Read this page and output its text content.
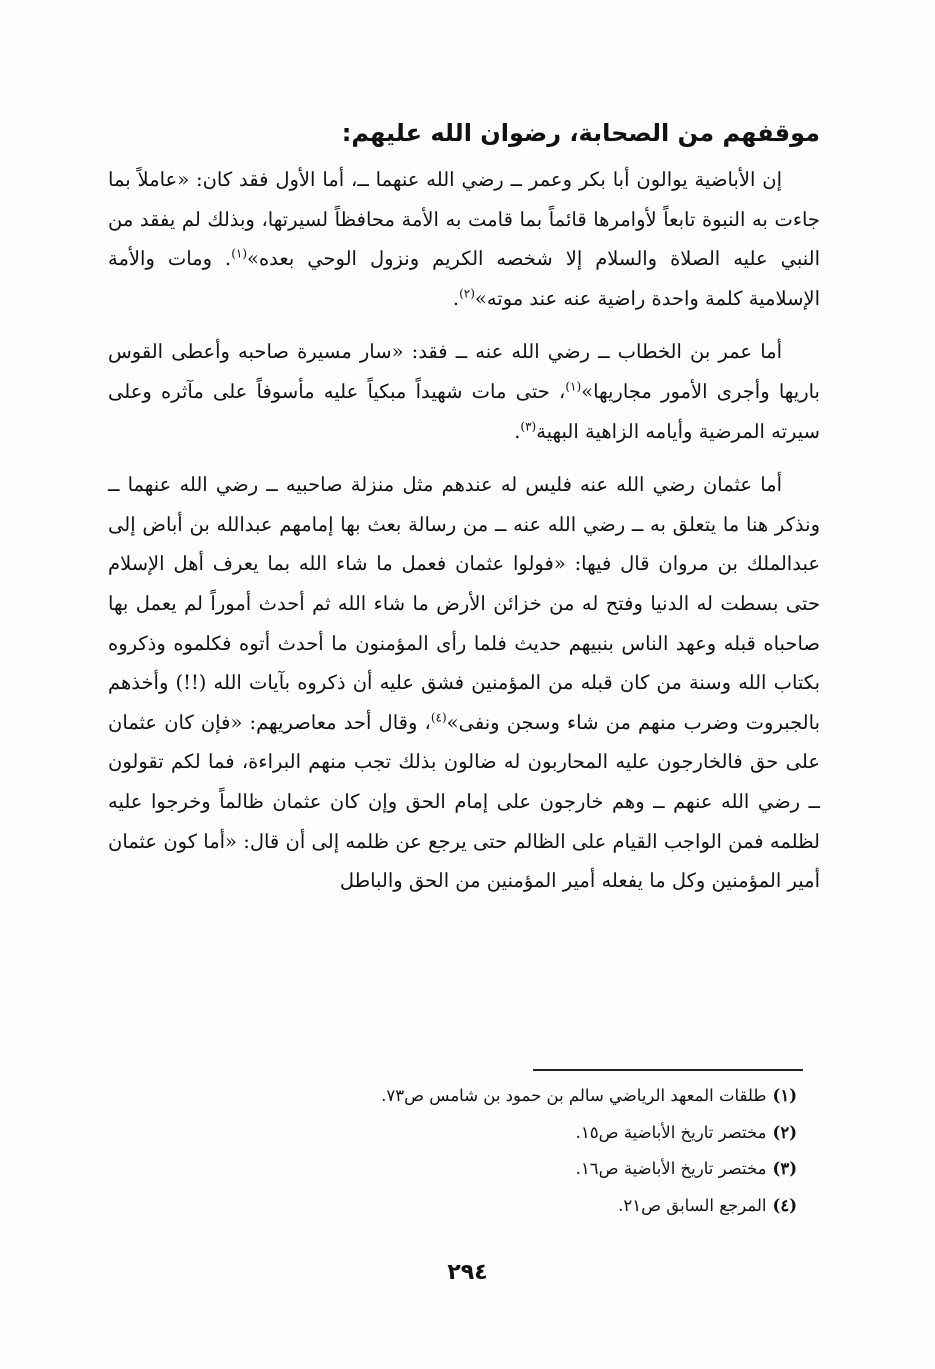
موقفهم من الصحابة، رضوان الله عليهم:

إن الأباضية يوالون أبا بكر وعمر ــ رضي الله عنهما ــ، أما الأول فقد كان: «عاملاً بما جاءت به النبوة تابعاً لأوامرها قائماً بما قامت به الأمة محافظاً لسيرتها، وبذلك لم يفقد من النبي عليه الصلاة والسلام إلا شخصه الكريم ونزول الوحي بعده»$^{(١)}$. ومات والأمة الإسلامية كلمة واحدة راضية عنه عند موته»$^{(٢)}$.

أما عمر بن الخطاب ــ رضي الله عنه ــ فقد: «سار مسيرة صاحبه وأعطى القوس باريها وأجرى الأمور مجاريها»$^{(١)}$، حتى مات شهيداً مبكياً عليه مأسوفاً على مآثره وعلى سيرته المرضية وأيامه الزاهية البهية$^{(٣)}$.

أما عثمان رضي الله عنه فليس له عندهم مثل منزلة صاحبيه ــ رضي الله عنهما ــ ونذكر هنا ما يتعلق به ــ رضي الله عنه ــ من رسالة بعث بها إمامهم عبدالله بن أباض إلى عبدالملك بن مروان قال فيها: «فولوا عثمان فعمل ما شاء الله بما يعرف أهل الإسلام حتى بسطت له الدنيا وفتح له من خزائن الأرض ما شاء الله ثم أحدث أموراً لم يعمل بها صاحباه قبله وعهد الناس بنبيهم حديث فلما رأى المؤمنون ما أحدث أتوه فكلموه وذكروه بكتاب الله وسنة من كان قبله من المؤمنين فشق عليه أن ذكروه بآيات الله (!!) وأخذهم بالجبروت وضرب منهم من شاء وسجن ونفى»$^{(٤)}$، وقال أحد معاصريهم: «فإن كان عثمان على حق فالخارجون عليه المحاربون له ضالون بذلك تجب منهم البراءة، فما لكم تقولون ــ رضي الله عنهم ــ وهم خارجون على إمام الحق وإن كان عثمان ظالماً وخرجوا عليه لظلمه فمن الواجب القيام على الظالم حتى يرجع عن ظلمه إلى أن قال: «أما كون عثمان أمير المؤمنين وكل ما يفعله أمير المؤمنين من الحق والباطل

(١)طلقات المعهد الرياضي سالم بن حمود بن شامس ص٧٣.
(٢)مختصر تاريخ الأباضية ص١٥.
(٣)مختصر تاريخ الأباضية ص١٦.
(٤)المرجع السابق ص٢١.
٢٩٤
